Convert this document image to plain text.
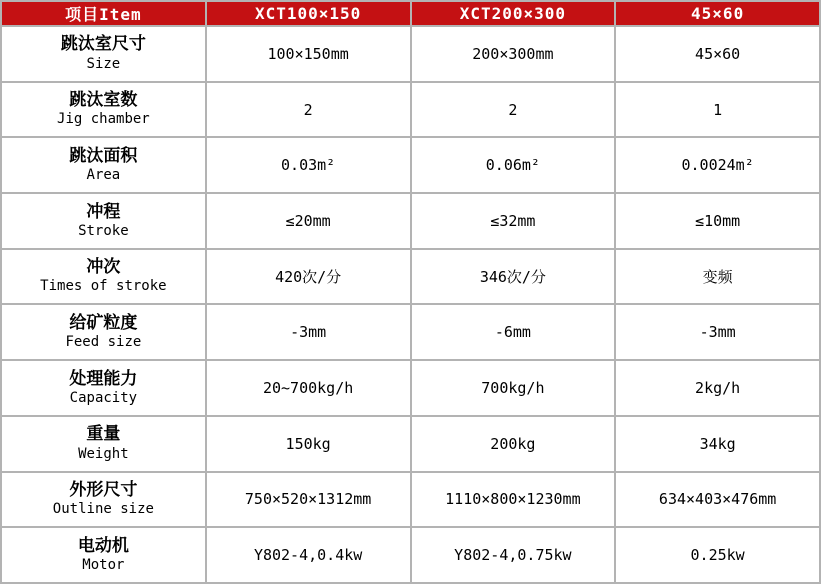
项目Item	XCT100×150	XCT200×300	45×60

跳汰室尺寸
Size	100×150mm	200×300mm	45×60

跳汰室数
Jig chamber	2	2	1

跳汰面积
Area	0.03m²	0.06m²	0.0024m²

冲程
Stroke	≤20mm	≤32mm	≤10mm

冲次
Times of stroke	420次/分	346次/分	变频

给矿粒度
Feed size	-3mm	-6mm	-3mm

处理能力
Capacity	20~700kg/h	700kg/h	2kg/h

重量
Weight	150kg	200kg	34kg

外形尺寸
Outline size	750×520×1312mm	1110×800×1230mm	634×403×476mm

电动机
Motor	Y802-4,0.4kw	Y802-4,0.75kw	0.25kw
